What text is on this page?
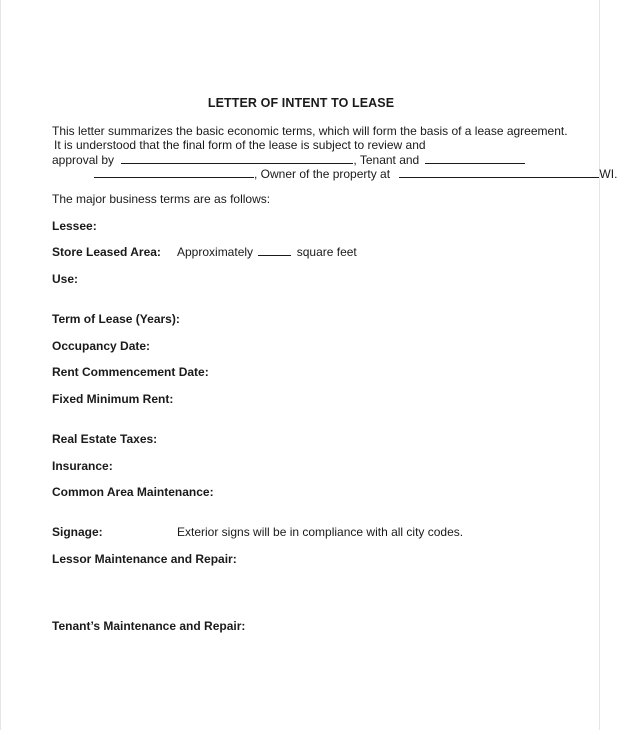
LETTER OF INTENT TO LEASE
This letter summarizes the basic economic terms, which will form the basis of a lease agreement.
It is understood that the final form of the lease is subject to review and
approval by	, Tenant and
, Owner of the property at	WI.
The major business terms are as follows:
Lessee:
Store Leased Area: Approximately	square feet
Use:
Term of Lease (Years):
Occupancy Date:
Rent Commencement Date:
Fixed Minimum Rent:
Real Estate Taxes:
Insurance:
Common Area Maintenance:
Signage:	Exterior signs will be in compliance with all city codes.
Lessor Maintenance and Repair:
Tenant’s Maintenance and Repair:
